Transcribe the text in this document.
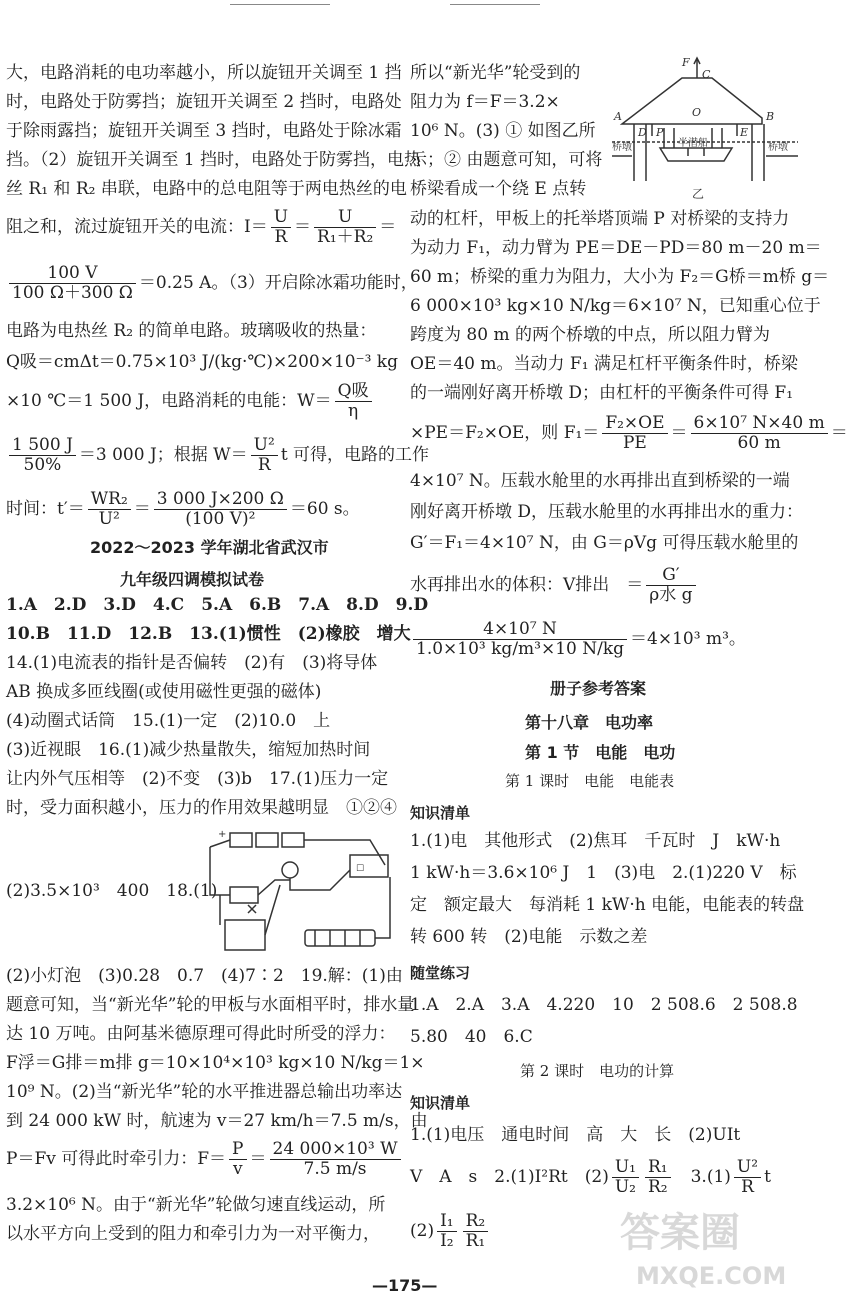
大，电路消耗的电功率越小，所以旋钮开关调至 1 挡
时，电路处于防雾挡；旋钮开关调至 2 挡时，电路处
于除雨露挡；旋钮开关调至 3 挡时，电路处于除冰霜
挡。（2）旋钮开关调至 1 挡时，电路处于防雾挡，电热
丝 R₁ 和 R₂ 串联，电路中的总电阻等于两电热丝的电
阻之和，流过旋钮开关的电流：$I= \frac{U}{R} = \frac{U}{\text{R₁＋R₂}}$ ＝
$\frac{100 V}{100 \Omega+300 \Omega} =0.25$ A。（3）开启除冰霜功能时，
电路为电热丝 R₂ 的简单电路。玻璃吸收的热量：
Q吸＝cmΔt＝0.75×10³ J/(kg·℃)×200×10⁻³ kg
×10 ℃＝1 500 J，电路消耗的电能：$W= \frac{\text{Q吸}}{\eta}$
$\frac{1 500 J}{50\%} =3$ 000 J；根据 $W= \frac{\text{U²}}{R}$ t 可得，电路的工作
时间：$t'= \frac{\text{WR₂}}{\text{U²}} = \frac{3 000 J\times 200 \Omega}{\text{(100 V)²}} =60$ s。
2022～2023 学年湖北省武汉市
九年级四调模拟试卷
1.A　2.D　3.D　4.C　5.A　6.B　7.A　8.D　9.D
10.B　11.D　12.B　13.(1)惯性　(2)橡胶　增大
14.(1)电流表的指针是否偏转　(2)有　(3)将导体
AB 换成多匝线圈(或使用磁性更强的磁体)
(4)动圈式话筒　15.(1)一定　(2)10.0　上
(3)近视眼　16.(1)减少热量散失，缩短加热时间
让内外气压相等　(2)不变　(3)b　17.(1)压力一定
时，受力面积越小，压力的作用效果越明显　①②④
(2)3.5×10³　400　18.(1)
+
☐
(2)小灯泡　(3)0.28　0.7　(4)7∶2　19.解：(1)由
题意可知，当“新光华”轮的甲板与水面相平时，排水量
达 10 万吨。由阿基米德原理可得此时所受的浮力：
F浮＝G排＝m排 g＝10×10⁴×10³ kg×10 N/kg＝1×
10⁹ N。(2)当“新光华”轮的水平推进器总输出功率达
到 24 000 kW 时，航速为 v＝27 km/h＝7.5 m/s，由
P＝Fv 可得此时牵引力：$F= \frac{P}{v} = \frac{\text{24 000×10³ W}}{7.5 m/s}$
3.2×10⁶ N。由于“新光华”轮做匀速直线运动，所
以水平方向上受到的阻力和牵引力为一对平衡力，
所以“新光华”轮受到的
阻力为 f＝F＝3.2×
10⁶ N。(3) ① 如图乙所
示；② 由题意可知，可将
桥梁看成一个绕 E 点转
F
C
A	B
O
D P	E
半潜船
桥墩	桥墩
乙
动的杠杆，甲板上的托举塔顶端 P 对桥梁的支持力
为动力 F₁，动力臂为 PE＝DE－PD＝80 m－20 m＝
60 m；桥梁的重力为阻力，大小为 F₂＝G桥＝m桥 g＝
6 000×10³ kg×10 N/kg＝6×10⁷ N，已知重心位于
跨度为 80 m 的两个桥墩的中点，所以阻力臂为
OE＝40 m。当动力 F₁ 满足杠杆平衡条件时，桥梁
的一端刚好离开桥墩 D；由杠杆的平衡条件可得 F₁
×PE＝F₂×OE，则 $F_1= \frac{\text{F₂×OE}}{PE} = \frac{\text{6×10⁷ N×40 m}}{60 m}$ ＝
4×10⁷ N。压载水舱里的水再排出直到桥梁的一端
刚好离开桥墩 D，压载水舱里的水再排出水的重力：
G′＝F₁＝4×10⁷ N，由 G＝ρVg 可得压载水舱里的
水再排出水的体积：V排出　＝ $\frac{G'}{\text{ρ水 g}}$
$\frac{\text{4×10⁷ N}}{\text{1.0×10³ kg/m³×10 N/kg}} =4\times 10^3$ m³。
册子参考答案
第十八章　电功率
第 1 节　电能　电功
第 1 课时　电能　电能表
知识清单
1.(1)电　其他形式　(2)焦耳　千瓦时　J　kW·h
1 kW·h＝3.6×10⁶ J　1　(3)电　2.(1)220 V　标
定　额定最大　每消耗 1 kW·h 电能，电能表的转盘
转 600 转　(2)电能　示数之差
随堂练习
1.A　2.A　3.A　4.220　10　2 508.6　2 508.8
5.80　40　6.C
第 2 课时　电功的计算
知识清单
1.(1)电压　通电时间　高　大　长　(2)UIt
V　A　s　2.(1)I²Rt　$(2) \frac{\text{U₁}}{\text{U₂}} \frac{\text{R₁}}{\text{R₂}}$ 　$3.(1) \frac{\text{U²}}{R}$ t
$(2) \frac{\text{I₁}}{\text{I₂}} \frac{\text{R₂}}{\text{R₁}}$
—175—
答案圈
MXQE.COM
